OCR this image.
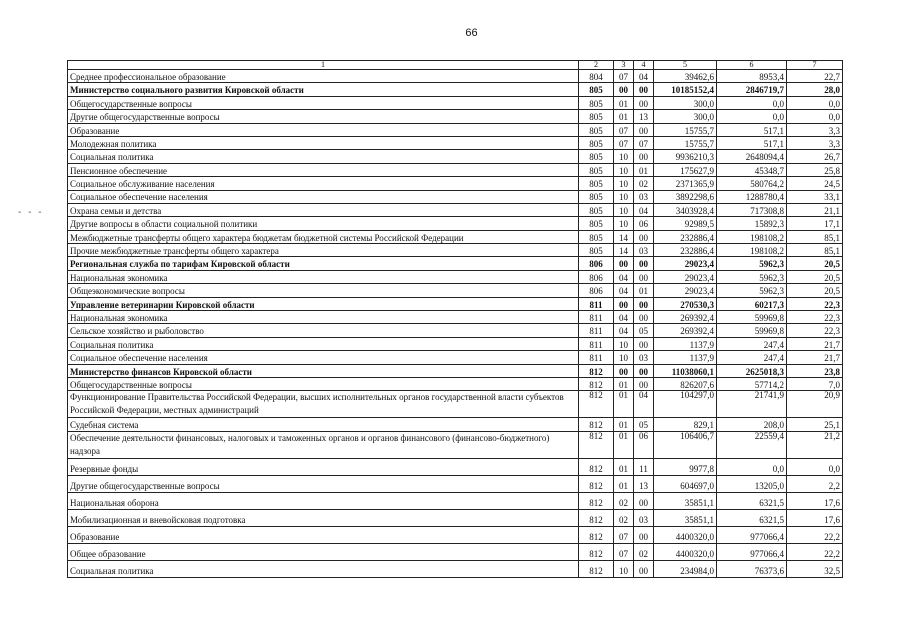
66
- - -
1	2	3	4	5	6	7
Среднее профессиональное образование	804	07	04	39462,6	8953,4	22,7
Министерство социального развития Кировской области	805	00	00	10185152,4	2846719,7	28,0
Общегосударственные вопросы	805	01	00	300,0	0,0	0,0
Другие общегосударственные вопросы	805	01	13	300,0	0,0	0,0
Образование	805	07	00	15755,7	517,1	3,3
Молодежная политика	805	07	07	15755,7	517,1	3,3
Социальная политика	805	10	00	9936210,3	2648094,4	26,7
Пенсионное обеспечение	805	10	01	175627,9	45348,7	25,8
Социальное обслуживание населения	805	10	02	2371365,9	580764,2	24,5
Социальное обеспечение населения	805	10	03	3892298,6	1288780,4	33,1
Охрана семьи и детства	805	10	04	3403928,4	717308,8	21,1
Другие вопросы в области социальной политики	805	10	06	92989,5	15892,3	17,1
Межбюджетные трансферты общего характера бюджетам бюджетной системы Российской Федерации	805	14	00	232886,4	198108,2	85,1
Прочие межбюджетные трансферты общего характера	805	14	03	232886,4	198108,2	85,1
Региональная служба по тарифам Кировской области	806	00	00	29023,4	5962,3	20,5
Национальная экономика	806	04	00	29023,4	5962,3	20,5
Общеэкономические вопросы	806	04	01	29023,4	5962,3	20,5
Управление ветеринарии Кировской области	811	00	00	270530,3	60217,3	22,3
Национальная экономика	811	04	00	269392,4	59969,8	22,3
Сельское хозяйство и рыболовство	811	04	05	269392,4	59969,8	22,3
Социальная политика	811	10	00	1137,9	247,4	21,7
Социальное обеспечение населения	811	10	03	1137,9	247,4	21,7
Министерство финансов Кировской области	812	00	00	11038060,1	2625018,3	23,8
Общегосударственные вопросы	812	01	00	826207,6	57714,2	7,0
Функционирование Правительства Российской Федерации, высших исполнительных органов государственной власти субъектов Российской Федерации, местных администраций	812	01	04	104297,0	21741,9	20,9
Судебная система	812	01	05	829,1	208,0	25,1
Обеспечение деятельности финансовых, налоговых и таможенных органов и органов финансового (финансово-бюджетного) надзора	812	01	06	106406,7	22559,4	21,2
Резервные фонды	812	01	11	9977,8	0,0	0,0
Другие общегосударственные вопросы	812	01	13	604697,0	13205,0	2,2
Национальная оборона	812	02	00	35851,1	6321,5	17,6
Мобилизационная и вневойсковая подготовка	812	02	03	35851,1	6321,5	17,6
Образование	812	07	00	4400320,0	977066,4	22,2
Общее образование	812	07	02	4400320,0	977066,4	22,2
Социальная политика	812	10	00	234984,0	76373,6	32,5
